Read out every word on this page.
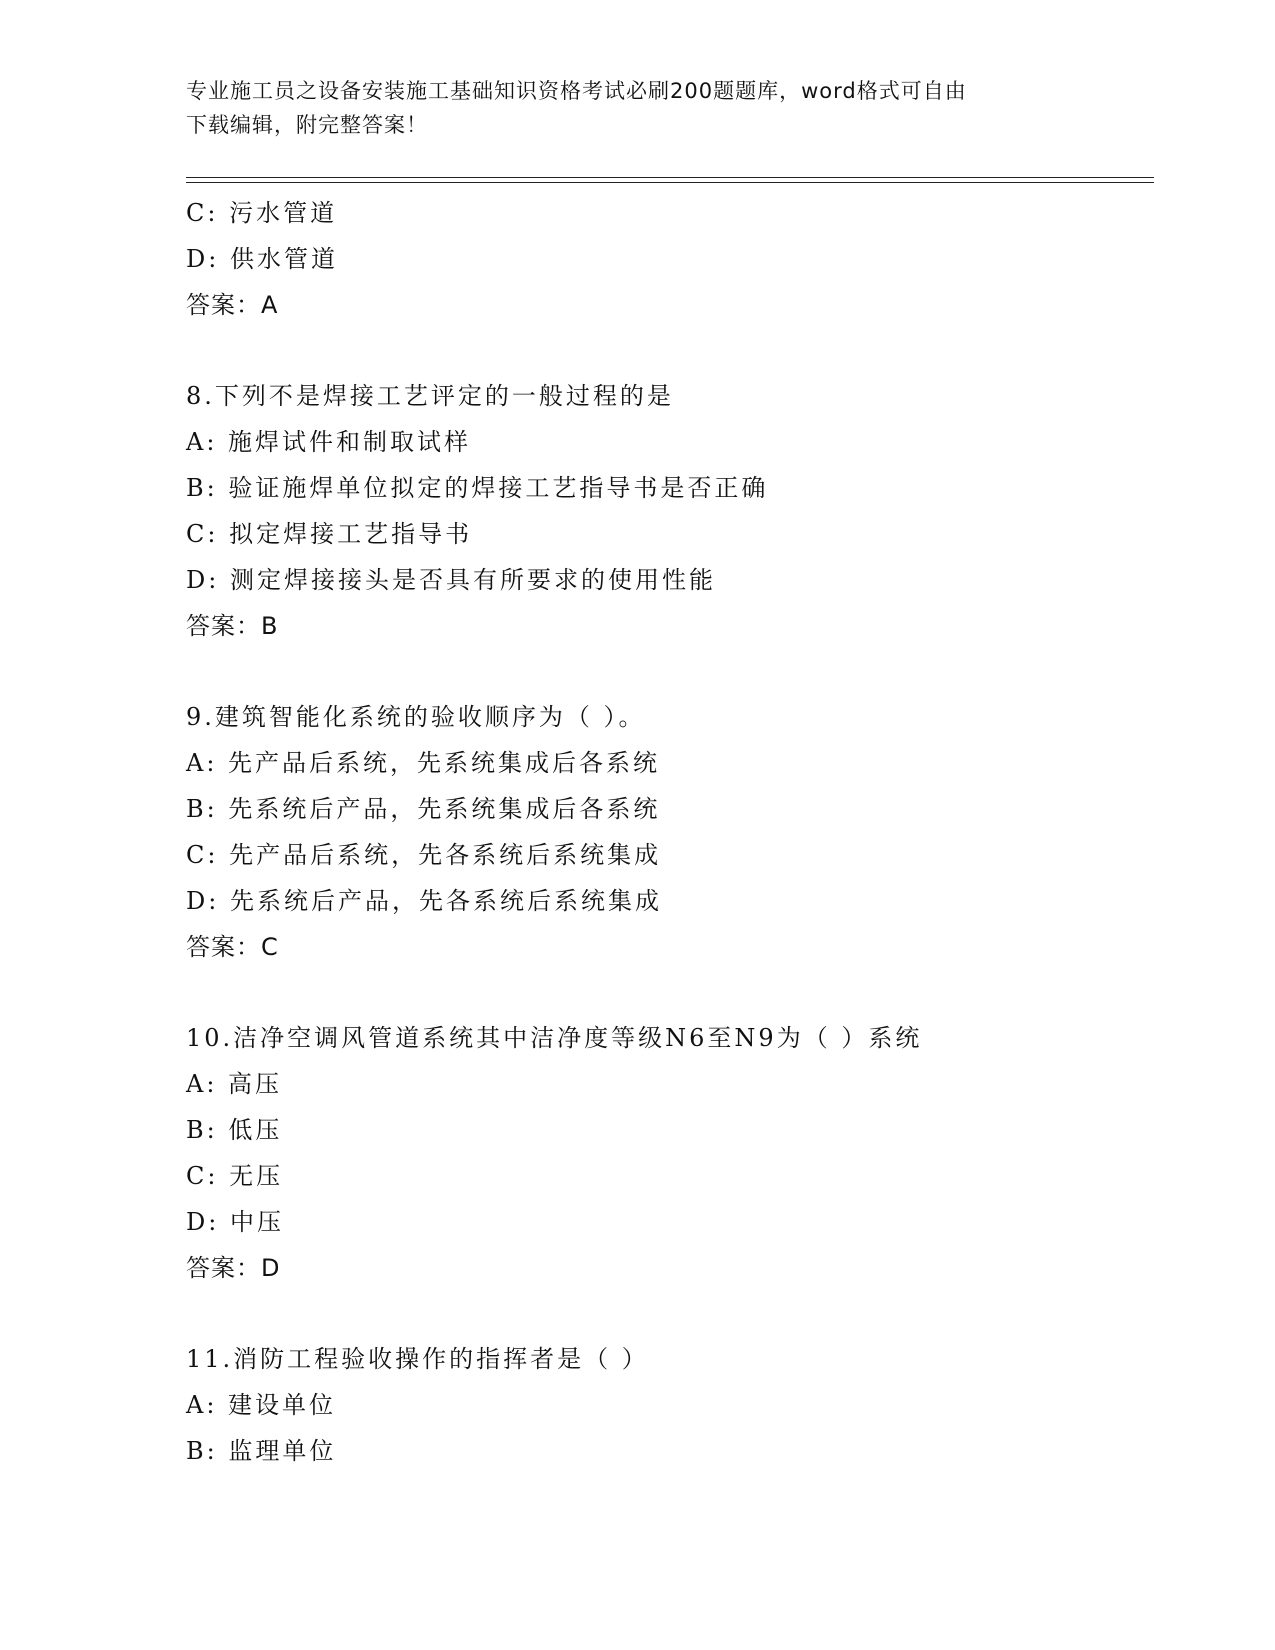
专业施工员之设备安装施工基础知识资格考试必刷200题题库，word格式可自由
下载编辑，附完整答案！
C: 污水管道
D: 供水管道
答案：A
8.下列不是焊接工艺评定的一般过程的是
A: 施焊试件和制取试样
B: 验证施焊单位拟定的焊接工艺指导书是否正确
C: 拟定焊接工艺指导书
D: 测定焊接接头是否具有所要求的使用性能
答案：B
9.建筑智能化系统的验收顺序为（ ）。
A: 先产品后系统，先系统集成后各系统
B: 先系统后产品，先系统集成后各系统
C: 先产品后系统，先各系统后系统集成
D: 先系统后产品，先各系统后系统集成
答案：C
10.洁净空调风管道系统其中洁净度等级N6至N9为（ ）系统
A: 高压
B: 低压
C: 无压
D: 中压
答案：D
11.消防工程验收操作的指挥者是（ ）
A: 建设单位
B: 监理单位
